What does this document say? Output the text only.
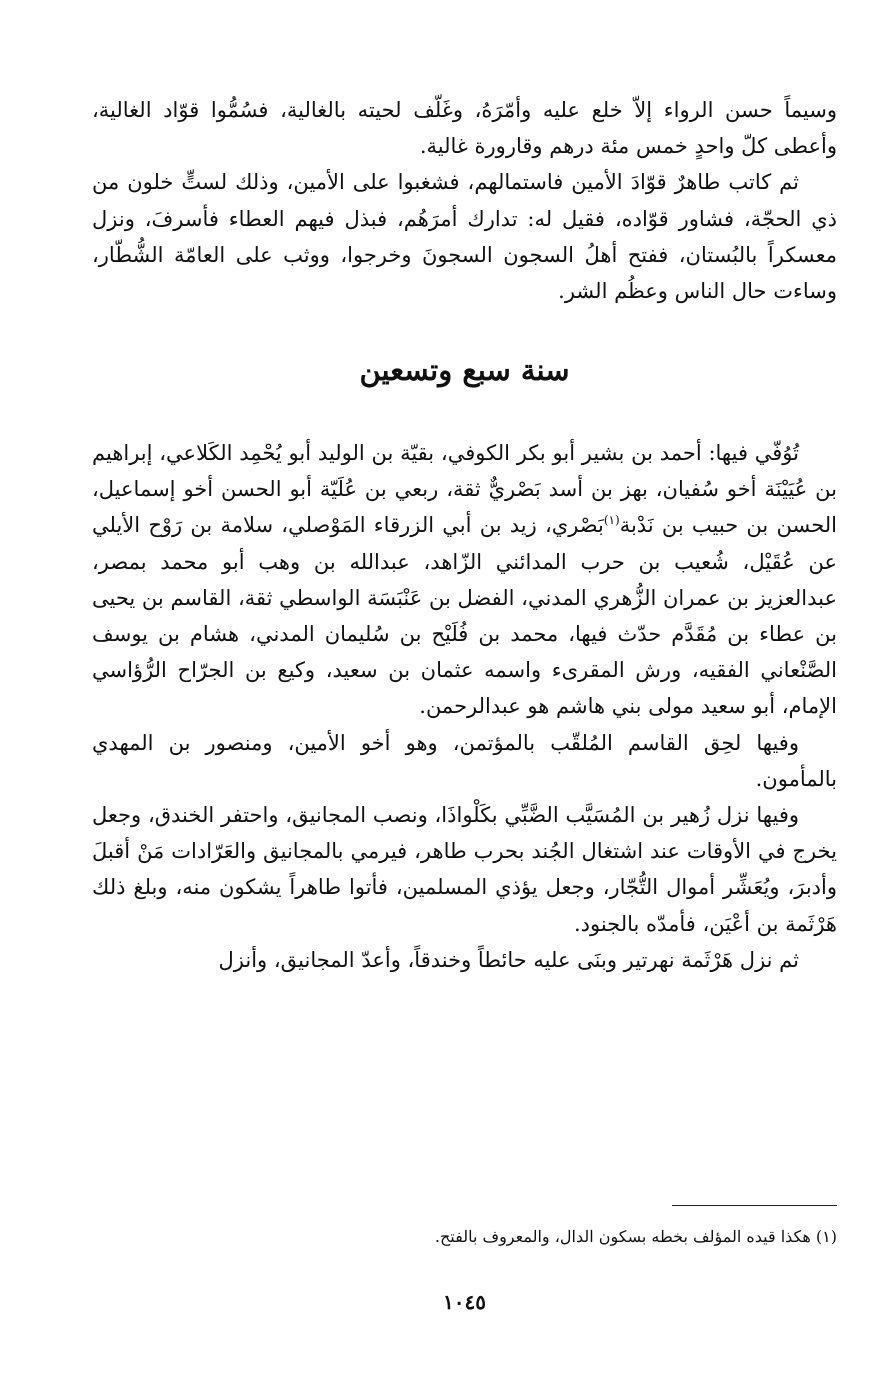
وسيماً حسن الرواء إلاّ خلع عليه وأمّرَهُ، وغَلّف لحيته بالغالية، فسُمُّوا قوّاد الغالية، وأعطى كلّ واحدٍ خمس مئة درهم وقارورة غالية.

ثم كاتب طاهرٌ قوّادَ الأمين فاستمالهم، فشغبوا على الأمين، وذلك لستٍّ خلون من ذي الحجّة، فشاور قوّاده، فقيل له: تدارك أمرَهُم، فبذل فيهم العطاء فأسرفَ، ونزل معسكراً بالبُستان، ففتح أهلُ السجون السجونَ وخرجوا، ووثب على العامّة الشُّطّار، وساءت حال الناس وعظُم الشر.

سنة سبع وتسعين

تُوُفّي فيها: أحمد بن بشير أبو بكر الكوفي، بقيّة بن الوليد أبو يُحْمِد الكَلاعي، إبراهيم بن عُيَيْنَة أخو سُفيان، بهز بن أسد بَصْريٌّ ثقة، ربعي بن عُلَيّة أبو الحسن أخو إسماعيل، الحسن بن حبيب بن نَدْبة$^{(١)}$بَصْري، زيد بن أبي الزرقاء المَوْصلي، سلامة بن رَوْح الأيلي عن عُقَيْل، شُعيب بن حرب المدائني الزّاهد، عبدالله بن وهب أبو محمد بمصر، عبدالعزيز بن عمران الزُّهري المدني، الفضل بن عَنْبَسَة الواسطي ثقة، القاسم بن يحيى بن عطاء بن مُقَدَّم حدّث فيها، محمد بن فُلَيْح بن سُليمان المدني، هشام بن يوسف الصَّنْعاني الفقيه، ورش المقرىء واسمه عثمان بن سعيد، وكيع بن الجرّاح الرُّؤاسي الإمام، أبو سعيد مولى بني هاشم هو عبدالرحمن.

وفيها لحِق القاسم المُلقّب بالمؤتمن، وهو أخو الأمين، ومنصور بن المهدي بالمأمون.

وفيها نزل زُهير بن المُسَيَّب الضَّبِّي بكَلْواذَا، ونصب المجانيق، واحتفر الخندق، وجعل يخرج في الأوقات عند اشتغال الجُند بحرب طاهر، فيرمي بالمجانيق والعَرّادات مَنْ أقبلَ وأدبرَ، ويُعَشِّر أموال التُّجّار، وجعل يؤذي المسلمين، فأتوا طاهراً يشكون منه، وبلغ ذلك هَرْثَمة بن أعْيَن، فأمدّه بالجنود.

ثم نزل هَرْثَمة نهرتير وبنَى عليه حائطاً وخندقاً، وأعدّ المجانيق، وأنزل

(١) هكذا قيده المؤلف بخطه بسكون الدال، والمعروف بالفتح.

١٠٤٥
